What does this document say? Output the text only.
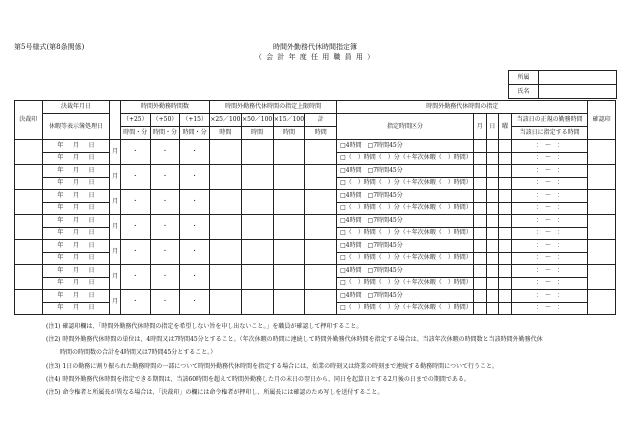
第5号様式(第8条関係)	時間外勤務代休時間指定簿
（ 会 計 年 度 任 用 職 員 用 ）
所属	
氏名	
決裁印	決裁年月日		時間外勤務時間数			時間外勤務代休時間の指定上限時間				時間外勤務代休時間の指定					確認印
	休暇等表示簿処理日		（+25）	（+50）	（+15）	×25／100	×50／100	×15／100	計	指定時間区分	月	日	曜	当該日の正規の勤務時間	
			時間・分	時間・分	時間・分	時間	時間	時間	時間					当該日に指定する時間	
	年 月 日	月	・	・	・					□4時間　□7時間45分				：　〜　：	
	年 月 日									□（　）時間（　）分（＋年次休暇（　）時間）				：　〜　：	
	年 月 日	月	・	・	・					□4時間　□7時間45分				：　〜　：	
	年 月 日									□（　）時間（　）分（＋年次休暇（　）時間）				：　〜　：	
	年 月 日	月	・	・	・					□4時間　□7時間45分				：　〜　：	
	年 月 日									□（　）時間（　）分（＋年次休暇（　）時間）				：　〜　：	
	年 月 日	月	・	・	・					□4時間　□7時間45分				：　〜　：	
	年 月 日									□（　）時間（　）分（＋年次休暇（　）時間）				：　〜　：	
	年 月 日	月	・	・	・					□4時間　□7時間45分				：　〜　：	
	年 月 日									□（　）時間（　）分（＋年次休暇（　）時間）				：　〜　：	
	年 月 日	月	・	・	・					□4時間　□7時間45分				：　〜　：	
	年 月 日									□（　）時間（　）分（＋年次休暇（　）時間）				：　〜　：	
	年 月 日	月	・	・	・					□4時間　□7時間45分				：　〜　：	
	年 月 日									□（　）時間（　）分（＋年次休暇（　）時間）				：　〜　：	
(注1) 確認印欄は、「時間外勤務代休時間の指定を希望しない旨を申し出ないこと。」を職員が確認して押印すること。
(注2) 時間外勤務代休時間の単位は、4時間又は7時間45分とすること。（年次休暇の時間に連続して時間外勤務代休時間を指定する場合は、当該年次休暇の時間数と当該時間外勤務代休
時間の時間数の合計を4時間又は7時間45分とすること。）
(注3) 1日の勤務に割り振られた勤務時間の一部について時間外勤務代休時間を指定する場合には、始業の時刻又は終業の時刻まで連続する勤務時間について行うこと。
(注4) 時間外勤務代休時間を指定できる期間は、当該60時間を超えて時間外勤務した月の末日の翌日から、同日を起算日とする2月後の日までの期間である。
(注5) 命令権者と所属長が異なる場合は、「決裁印」の欄には命令権者が押印し、所属長には確認のため写しを送付すること。
